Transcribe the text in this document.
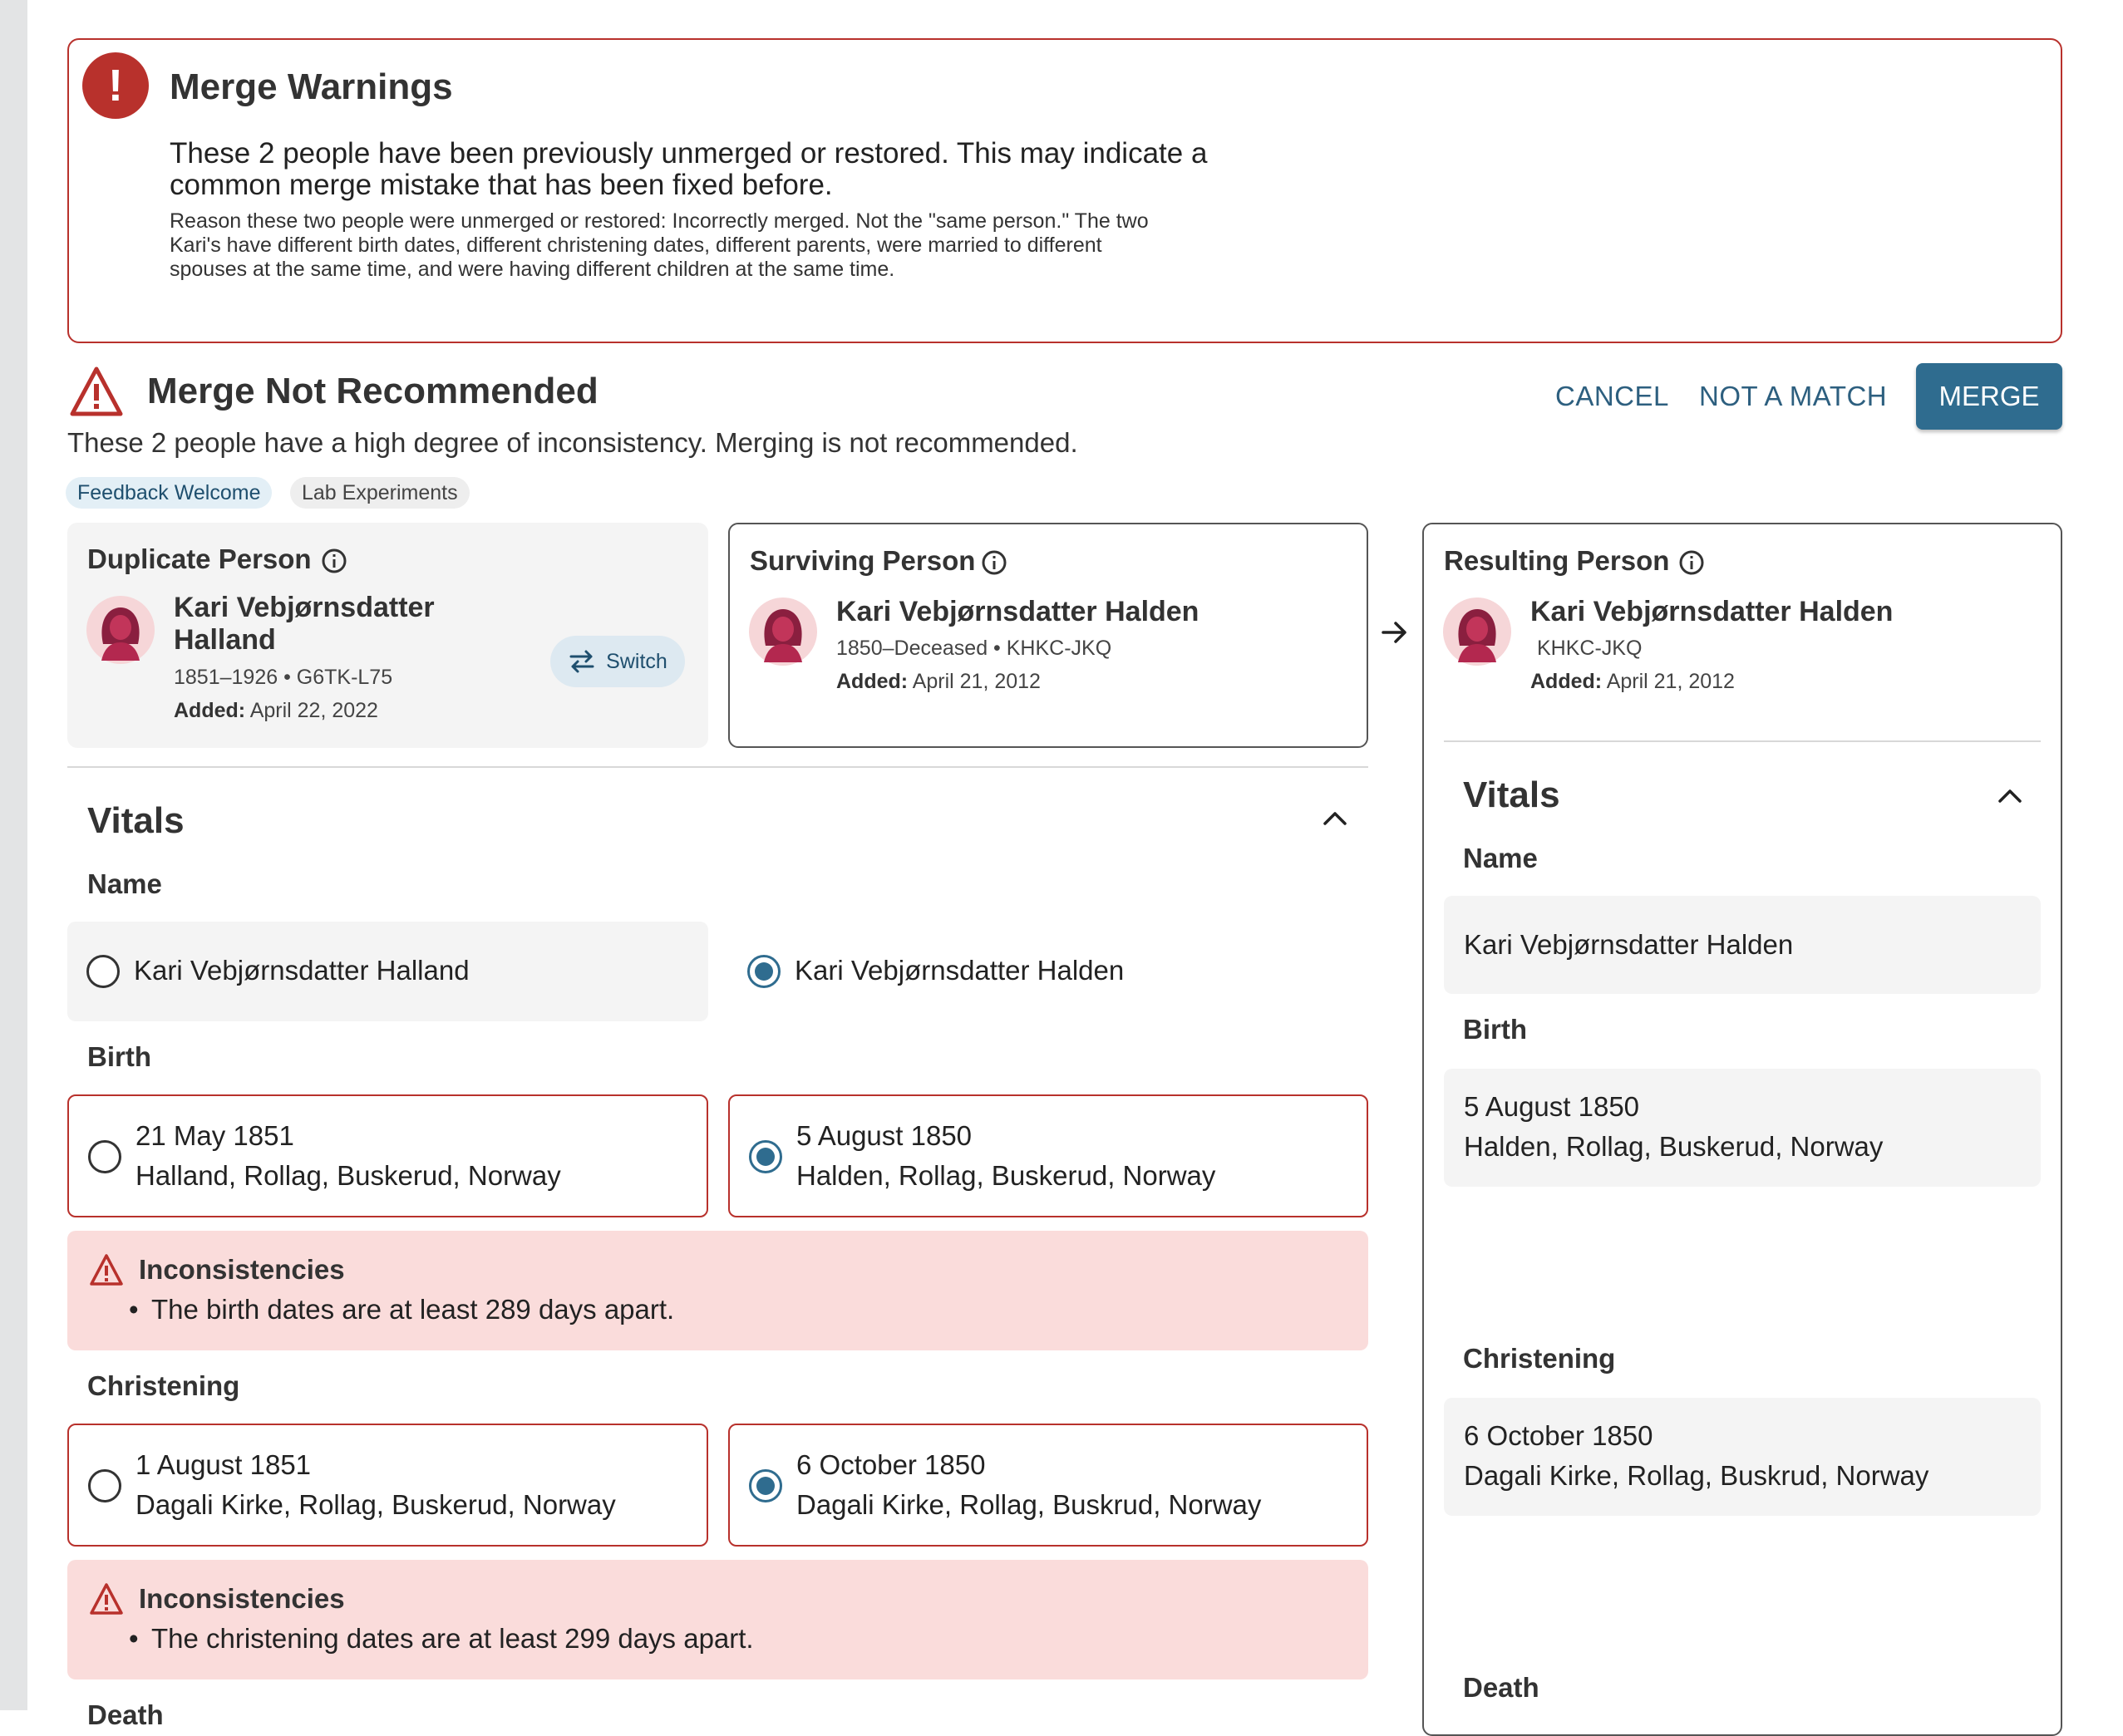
!	Merge Warnings
These 2 people have been previously unmerged or restored. This may indicate a common merge mistake that has been fixed before.
Reason these two people were unmerged or restored: Incorrectly merged. Not the "same person." The two Kari's have different birth dates, different christening dates, different parents, were married to different spouses at the same time, and were having different children at the same time.
Merge Not Recommended
These 2 people have a high degree of inconsistency. Merging is not recommended.
CANCEL NOT A MATCH	MERGE
Feedback Welcome	Lab Experiments
Duplicate Person
Kari Vebjørnsdatter Halland
1851–1926 • G6TK-L75
Added: April 22, 2022
Switch
Surviving Person
Kari Vebjørnsdatter Halden
1850–Deceased • KHKC-JKQ
Added: April 21, 2012
Resulting Person
Kari Vebjørnsdatter Halden
KHKC-JKQ
Added: April 21, 2012
Vitals
Name
Kari Vebjørnsdatter Halden
Birth
5 August 1850
Halden, Rollag, Buskerud, Norway
Christening
6 October 1850
Dagali Kirke, Rollag, Buskrud, Norway
Death
Vitals
Name
Kari Vebjørnsdatter Halland	Kari Vebjørnsdatter Halden
Birth
21 May 1851
Halland, Rollag, Buskerud, Norway
5 August 1850
Halden, Rollag, Buskerud, Norway
Inconsistencies
• The birth dates are at least 289 days apart.
Christening
1 August 1851
Dagali Kirke, Rollag, Buskerud, Norway
6 October 1850
Dagali Kirke, Rollag, Buskrud, Norway
Inconsistencies
• The christening dates are at least 299 days apart.
Death
